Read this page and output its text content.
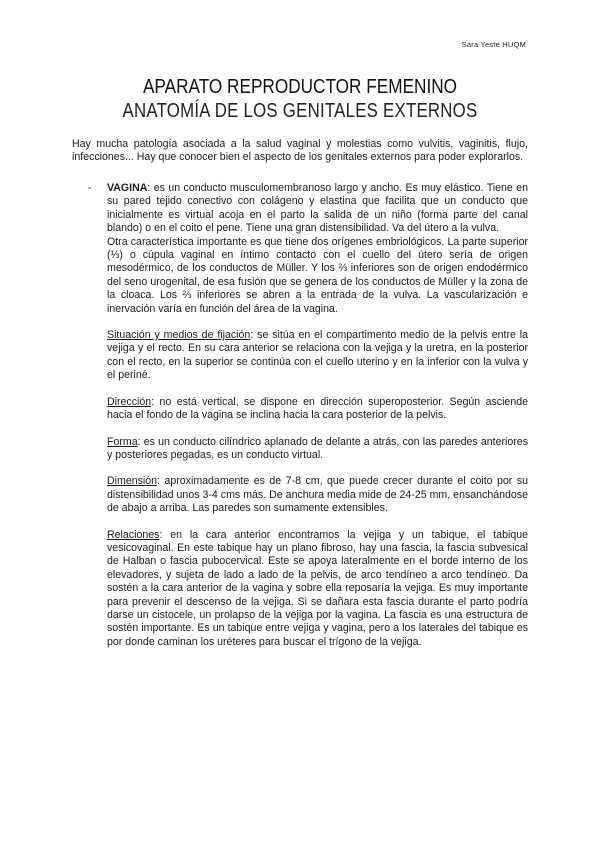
Sara Yeste HUQM
APARATO REPRODUCTOR FEMENINO
ANATOMÍA DE LOS GENITALES EXTERNOS
Hay mucha patología asociada a la salud vaginal y molestias como vulvitis, vaginitis, flujo, infecciones... Hay que conocer bien el aspecto de los genitales externos para poder explorarlos.
- VAGINA: es un conducto musculomembranoso largo y ancho. Es muy elástico. Tiene en su pared tejido conectivo con colágeno y elastina que facilita que un conducto que inicialmente es virtual acoja en el parto la salida de un niño (forma parte del canal blando) o en el coito el pene. Tiene una gran distensibilidad. Va del útero a la vulva.

Otra característica importante es que tiene dos orígenes embriológicos. La parte superior (⅓) o cúpula vaginal en íntimo contacto con el cuello del útero sería de origen mesodérmico, de los conductos de Müller. Y los ⅔ inferiores son de origen endodérmico del seno urogenital, de esa fusión que se genera de los conductos de Müller y la zona de la cloaca. Los ⅔ inferiores se abren a la entrada de la vulva. La vascularización e inervación varía en función del área de la vagina.

Situación y medios de fijación: se sitúa en el compartimento medio de la pelvis entre la vejiga y el recto. En su cara anterior se relaciona con la vejiga y la uretra, en la posterior con el recto, en la superior se continúa con el cuello uterino y en la inferior con la vulva y el periné.

Dirección: no está vertical, se dispone en dirección superoposterior. Según asciende hacia el fondo de la vagina se inclina hacia la cara posterior de la pelvis.

Forma: es un conducto cilíndrico aplanado de delante a atrás, con las paredes anteriores y posteriores pegadas, es un conducto virtual.

Dimensión: aproximadamente es de 7-8 cm, que puede crecer durante el coito por su distensibilidad unos 3-4 cms más. De anchura media mide de 24-25 mm, ensanchándose de abajo a arriba. Las paredes son sumamente extensibles.

Relaciones: en la cara anterior encontramos la vejiga y un tabique, el tabique vesicovaginal. En este tabique hay un plano fibroso, hay una fascia, la fascia subvesical de Halban o fascia pubocervical. Este se apoya lateralmente en el borde interno de los elevadores, y sujeta de lado a lado de la pelvis, de arco tendíneo a arco tendíneo. Da sostén a la cara anterior de la vagina y sobre ella reposaría la vejiga. Es muy importante para prevenir el descenso de la vejiga. Si se dañara esta fascia durante el parto podría darse un cistocele, un prolapso de la vejiga por la vagina. La fascia es una estructura de sostén importante. Es un tabique entre vejiga y vagina, pero a los laterales del tabique es por donde caminan los uréteres para buscar el trígono de la vejiga.
